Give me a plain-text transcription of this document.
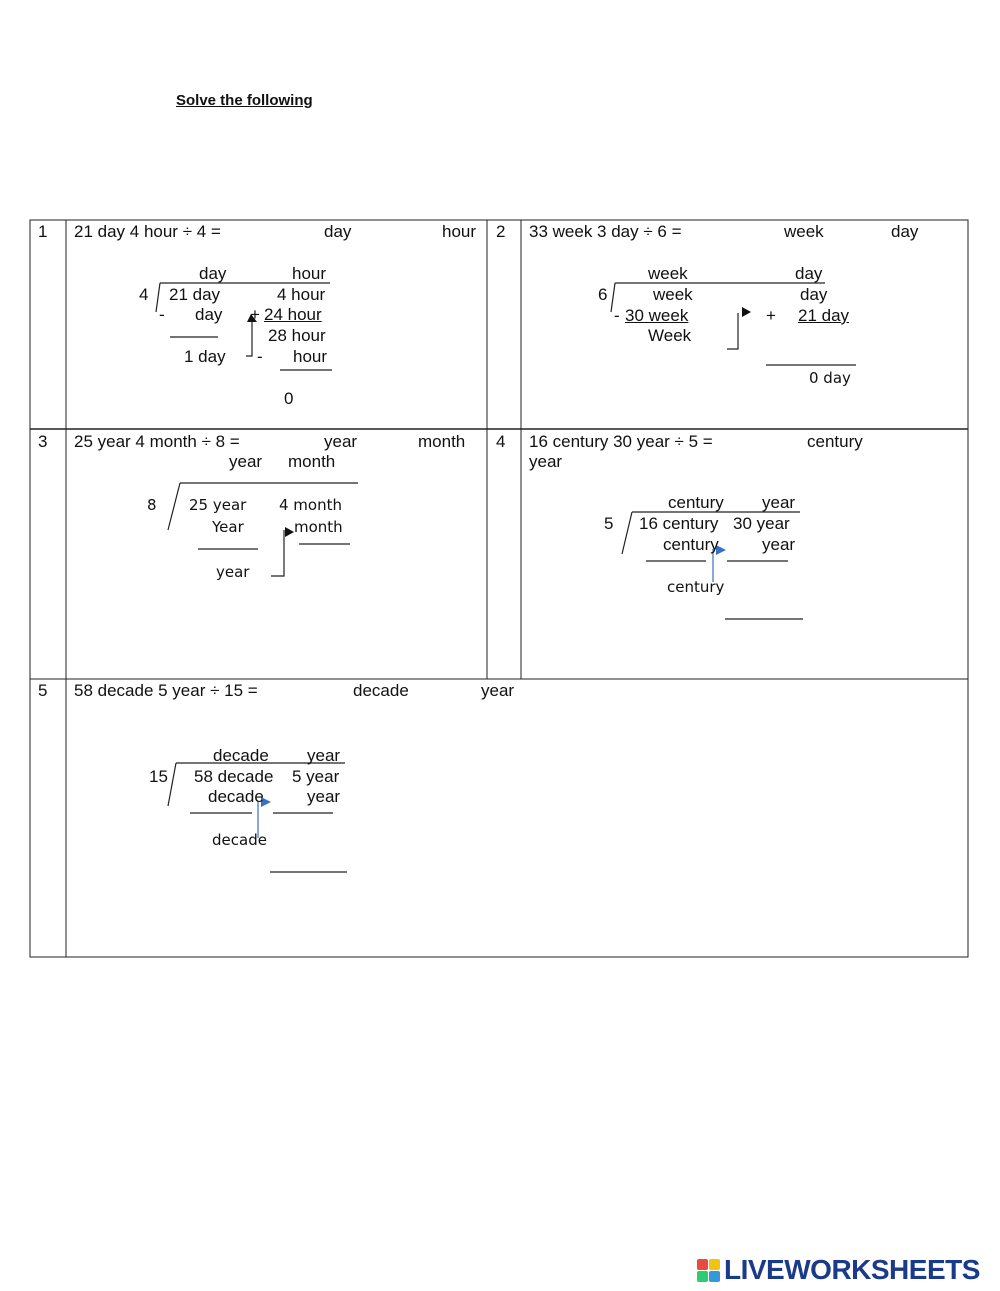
Solve the following
1 21 day 4 hour ÷ 4 =	day	hour
day	hour
4 21 day	4 hour
- day + 24 hour
28 hour
1 day - hour
0
2 33 week 3 day ÷ 6 =	week	day
week	day
6	week	day
- 30 week	+ 21 day
Week
0 day
3 25 year 4 month ÷ 8 =	year	month
year month
8 25 year 4 month
Year	month
year
4 16 century 30 year ÷ 5 =	century
year
century year
5 16 century 30 year
century	year
century
5 58 decade 5 year ÷ 15 =	decade	year
decade year
15 58 decade 5 year
decade	year
decade
LIVEWORKSHEETS
